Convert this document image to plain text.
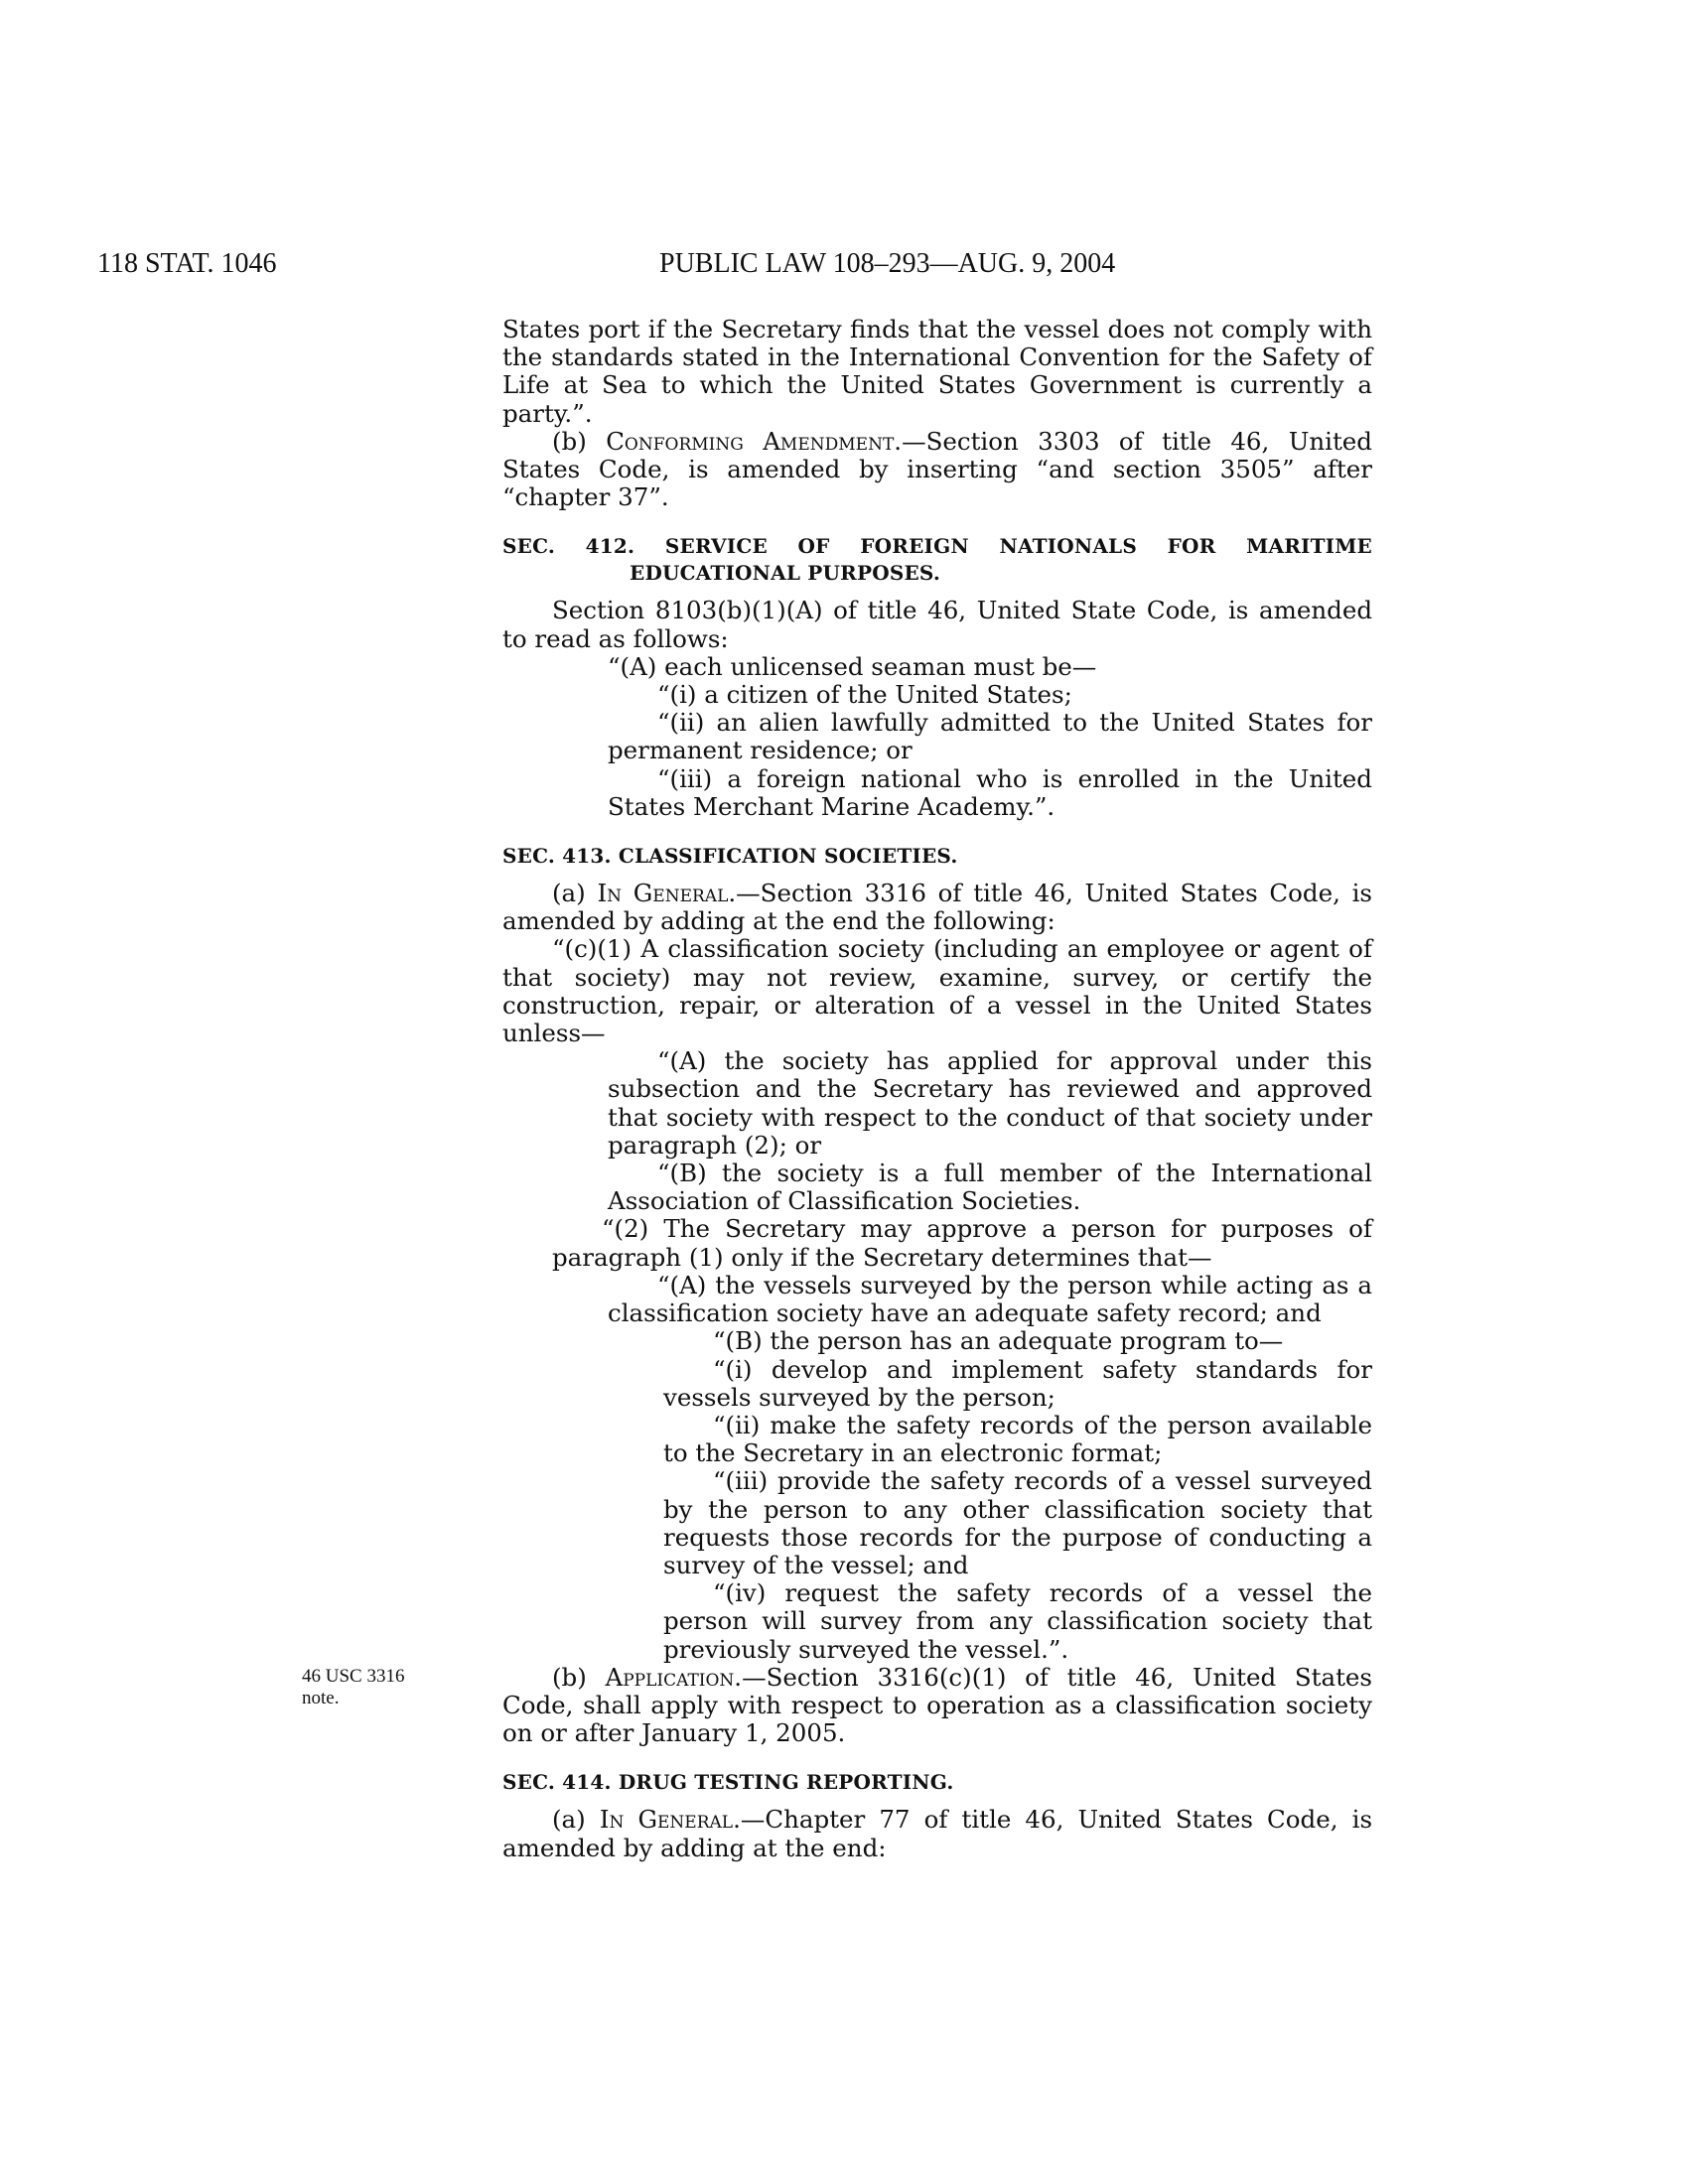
118 STAT. 1046	PUBLIC LAW 108–293—AUG. 9, 2004

States port if the Secretary finds that the vessel does not comply with the standards stated in the International Convention for the Safety of Life at Sea to which the United States Government is currently a party.”.

(b) Conforming Amendment.—Section 3303 of title 46, United States Code, is amended by inserting “and section 3505” after “chapter 37”.

SEC. 412. SERVICE OF FOREIGN NATIONALS FOR MARITIME EDUCATIONAL PURPOSES.

Section 8103(b)(1)(A) of title 46, United State Code, is amended to read as follows:

“(A) each unlicensed seaman must be—

“(i) a citizen of the United States;

“(ii) an alien lawfully admitted to the United States for permanent residence; or

“(iii) a foreign national who is enrolled in the United States Merchant Marine Academy.”.

SEC. 413. CLASSIFICATION SOCIETIES.

(a) In General.—Section 3316 of title 46, United States Code, is amended by adding at the end the following:

“(c)(1) A classification society (including an employee or agent of that society) may not review, examine, survey, or certify the construction, repair, or alteration of a vessel in the United States unless—

“(A) the society has applied for approval under this subsection and the Secretary has reviewed and approved that society with respect to the conduct of that society under paragraph (2); or

“(B) the society is a full member of the International Association of Classification Societies.

“(2) The Secretary may approve a person for purposes of paragraph (1) only if the Secretary determines that—

“(A) the vessels surveyed by the person while acting as a classification society have an adequate safety record; and

“(B) the person has an adequate program to—

“(i) develop and implement safety standards for vessels surveyed by the person;

“(ii) make the safety records of the person available to the Secretary in an electronic format;

“(iii) provide the safety records of a vessel surveyed by the person to any other classification society that requests those records for the purpose of conducting a survey of the vessel; and

“(iv) request the safety records of a vessel the person will survey from any classification society that previously surveyed the vessel.”.

(b) Application.—Section 3316(c)(1) of title 46, United States Code, shall apply with respect to operation as a classification society on or after January 1, 2005.

SEC. 414. DRUG TESTING REPORTING.

(a) In General.—Chapter 77 of title 46, United States Code, is amended by adding at the end:

46 USC 3316
note.
